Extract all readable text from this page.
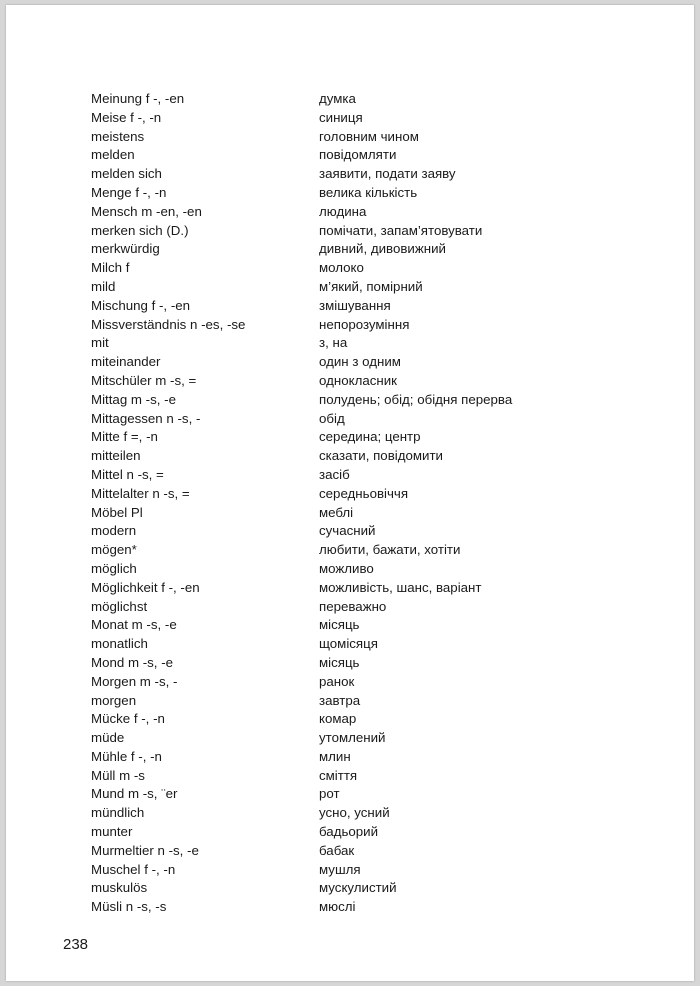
Meinung f -, -en	думка
Meise f -, -n	синиця
meistens	головним чином
melden	повідомляти
melden sich	заявити, подати заяву
Menge f -, -n	велика кількість
Mensch m -en, -en	людина
merken sich (D.)	помічати, запам’ятовувати
merkwürdig	дивний, дивовижний
Milch f	молоко
mild	м’який, помірний
Mischung f -, -en	змішування
Missverständnis n -es, -se	непорозуміння
mit	з, на
miteinander	один з одним
Mitschüler m -s, =	однокласник
Mittag m -s, -e	полудень; обід; обідня перерва
Mittagessen n -s, -	обід
Mitte f =, -n	середина; центр
mitteilen	сказати, повідомити
Mittel n -s, =	засіб
Mittelalter n -s, =	середньовіччя
Möbel Pl	меблі
modern	сучасний
mögen*	любити, бажати, хотіти
möglich	можливо
Möglichkeit f -, -en	можливість, шанс, варіант
möglichst	переважно
Monat m -s, -e	місяць
monatlich	щомісяця
Mond m -s, -e	місяць
Morgen m -s, -	ранок
morgen	завтра
Mücke f -, -n	комар
müde	утомлений
Mühle f -, -n	млин
Müll m -s	сміття
Mund m -s, ¨er	рот
mündlich	усно, усний
munter	бадьорий
Murmeltier n -s, -e	бабак
Muschel f -, -n	мушля
muskulös	мускулистий
Müsli n -s, -s	мюслі
238
